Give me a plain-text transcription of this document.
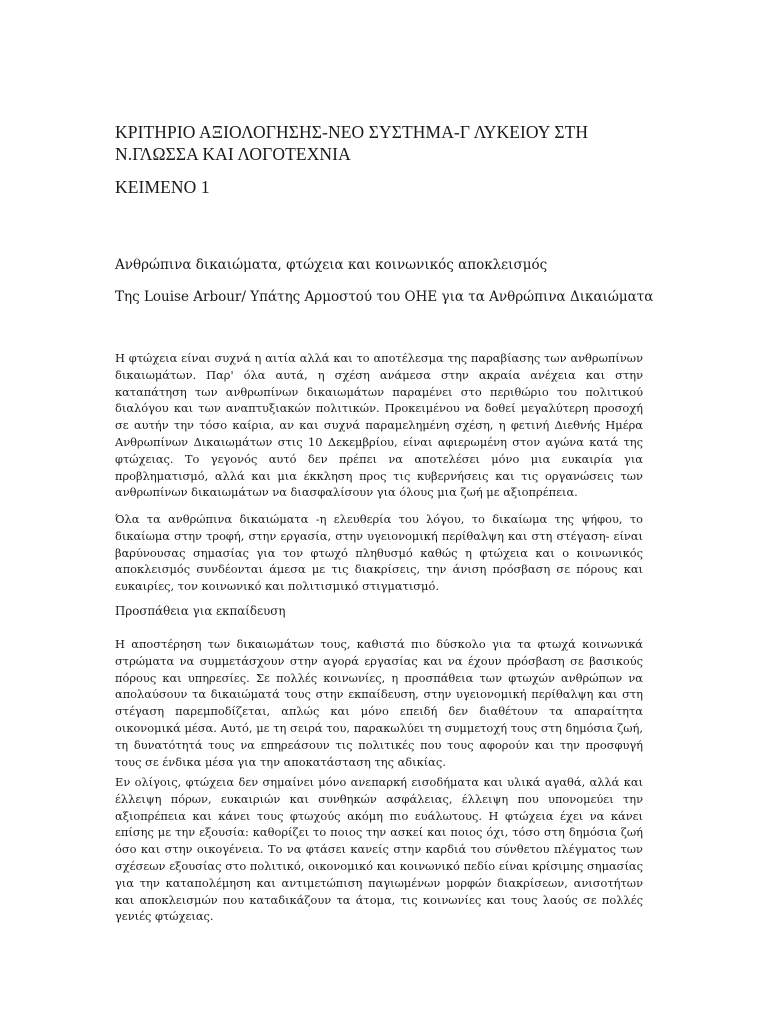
ΚΡΙΤΗΡΙΟ ΑΞΙΟΛΟΓΗΣΗΣ-ΝΕΟ ΣΥΣΤΗΜΑ-Γ ΛΥΚΕΙΟΥ ΣΤΗ Ν.ΓΛΩΣΣΑ ΚΑΙ ΛΟΓΟΤΕΧΝΙΑ
ΚΕΙΜΕΝΟ 1

Ανθρώπινα δικαιώματα, φτώχεια και κοινωνικός αποκλεισμός

Της Louise Arbour/ Υπάτης Αρμοστού του ΟΗΕ για τα Ανθρώπινα Δικαιώματα

Η φτώχεια είναι συχνά η αιτία αλλά και το αποτέλεσμα της παραβίασης των ανθρωπίνων δικαιωμάτων. Παρ' όλα αυτά, η σχέση ανάμεσα στην ακραία ανέχεια και στην καταπάτηση των ανθρωπίνων δικαιωμάτων παραμένει στο περιθώριο του πολιτικού διαλόγου και των αναπτυξιακών πολιτικών. Προκειμένου να δοθεί μεγαλύτερη προσοχή σε αυτήν την τόσο καίρια, αν και συχνά παραμελημένη σχέση, η φετινή Διεθνής Ημέρα Ανθρωπίνων Δικαιωμάτων στις 10 Δεκεμβρίου, είναι αφιερωμένη στον αγώνα κατά της φτώχειας. Το γεγονός αυτό δεν πρέπει να αποτελέσει μόνο μια ευκαιρία για προβληματισμό, αλλά και μια έκκληση προς τις κυβερνήσεις και τις οργανώσεις των ανθρωπίνων δικαιωμάτων να διασφαλίσουν για όλους μια ζωή με αξιοπρέπεια.

Όλα τα ανθρώπινα δικαιώματα -η ελευθερία του λόγου, το δικαίωμα της ψήφου, το δικαίωμα στην τροφή, στην εργασία, στην υγειονομική περίθαλψη και στη στέγαση- είναι βαρύνουσας σημασίας για τον φτωχό πληθυσμό καθώς η φτώχεια και ο κοινωνικός αποκλεισμός συνδέονται άμεσα με τις διακρίσεις, την άνιση πρόσβαση σε πόρους και ευκαιρίες, τον κοινωνικό και πολιτισμικό στιγματισμό.

Προσπάθεια για εκπαίδευση

Η αποστέρηση των δικαιωμάτων τους, καθιστά πιο δύσκολο για τα φτωχά κοινωνικά στρώματα να συμμετάσχουν στην αγορά εργασίας και να έχουν πρόσβαση σε βασικούς πόρους και υπηρεσίες. Σε πολλές κοινωνίες, η προσπάθεια των φτωχών ανθρώπων να απολαύσουν τα δικαιώματά τους στην εκπαίδευση, στην υγειονομική περίθαλψη και στη στέγαση παρεμποδίζεται, απλώς και μόνο επειδή δεν διαθέτουν τα απαραίτητα οικονομικά μέσα. Αυτό, με τη σειρά του, παρακωλύει τη συμμετοχή τους στη δημόσια ζωή, τη δυνατότητά τους να επηρεάσουν τις πολιτικές που τους αφορούν και την προσφυγή τους σε ένδικα μέσα για την αποκατάσταση της αδικίας.

Εν ολίγοις, φτώχεια δεν σημαίνει μόνο ανεπαρκή εισοδήματα και υλικά αγαθά, αλλά και έλλειψη πόρων, ευκαιριών και συνθηκών ασφάλειας, έλλειψη που υπονομεύει την αξιοπρέπεια και κάνει τους φτωχούς ακόμη πιο ευάλωτους. Η φτώχεια έχει να κάνει επίσης με την εξουσία: καθορίζει το ποιος την ασκεί και ποιος όχι, τόσο στη δημόσια ζωή όσο και στην οικογένεια. Το να φτάσει κανείς στην καρδιά του σύνθετου πλέγματος των σχέσεων εξουσίας στο πολιτικό, οικονομικό και κοινωνικό πεδίο είναι κρίσιμης σημασίας για την καταπολέμηση και αντιμετώπιση παγιωμένων μορφών διακρίσεων, ανισοτήτων και αποκλεισμών που καταδικάζουν τα άτομα, τις κοινωνίες και τους λαούς σε πολλές γενιές φτώχειας.
